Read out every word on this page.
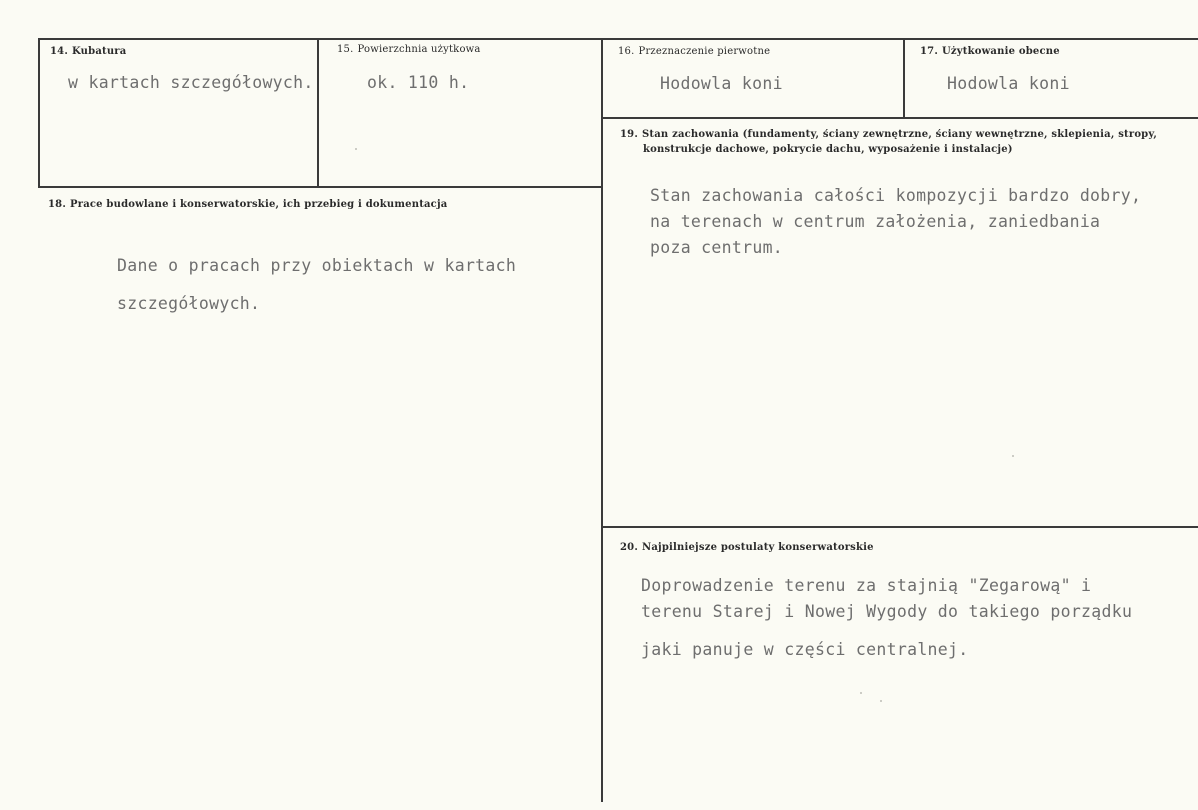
14. Kubatura
w kartach szczegółowych.
15. Powierzchnia użytkowa
ok. 110 h.
16. Przeznaczenie pierwotne
Hodowla koni
17. Użytkowanie obecne
Hodowla koni
19. Stan zachowania (fundamenty, ściany zewnętrzne, ściany wewnętrzne, sklepienia, stropy,
konstrukcje dachowe, pokrycie dachu, wyposażenie i instalacje)
Stan zachowania całości kompozycji bardzo dobry,
na terenach w centrum założenia, zaniedbania
poza centrum.
18. Prace budowlane i konserwatorskie, ich przebieg i dokumentacja
Dane o pracach przy obiektach w kartach
szczegółowych.
20. Najpilniejsze postulaty konserwatorskie
Doprowadzenie terenu za stajnią "Zegarową" i
terenu Starej i Nowej Wygody do takiego porządku
jaki panuje w części centralnej.
